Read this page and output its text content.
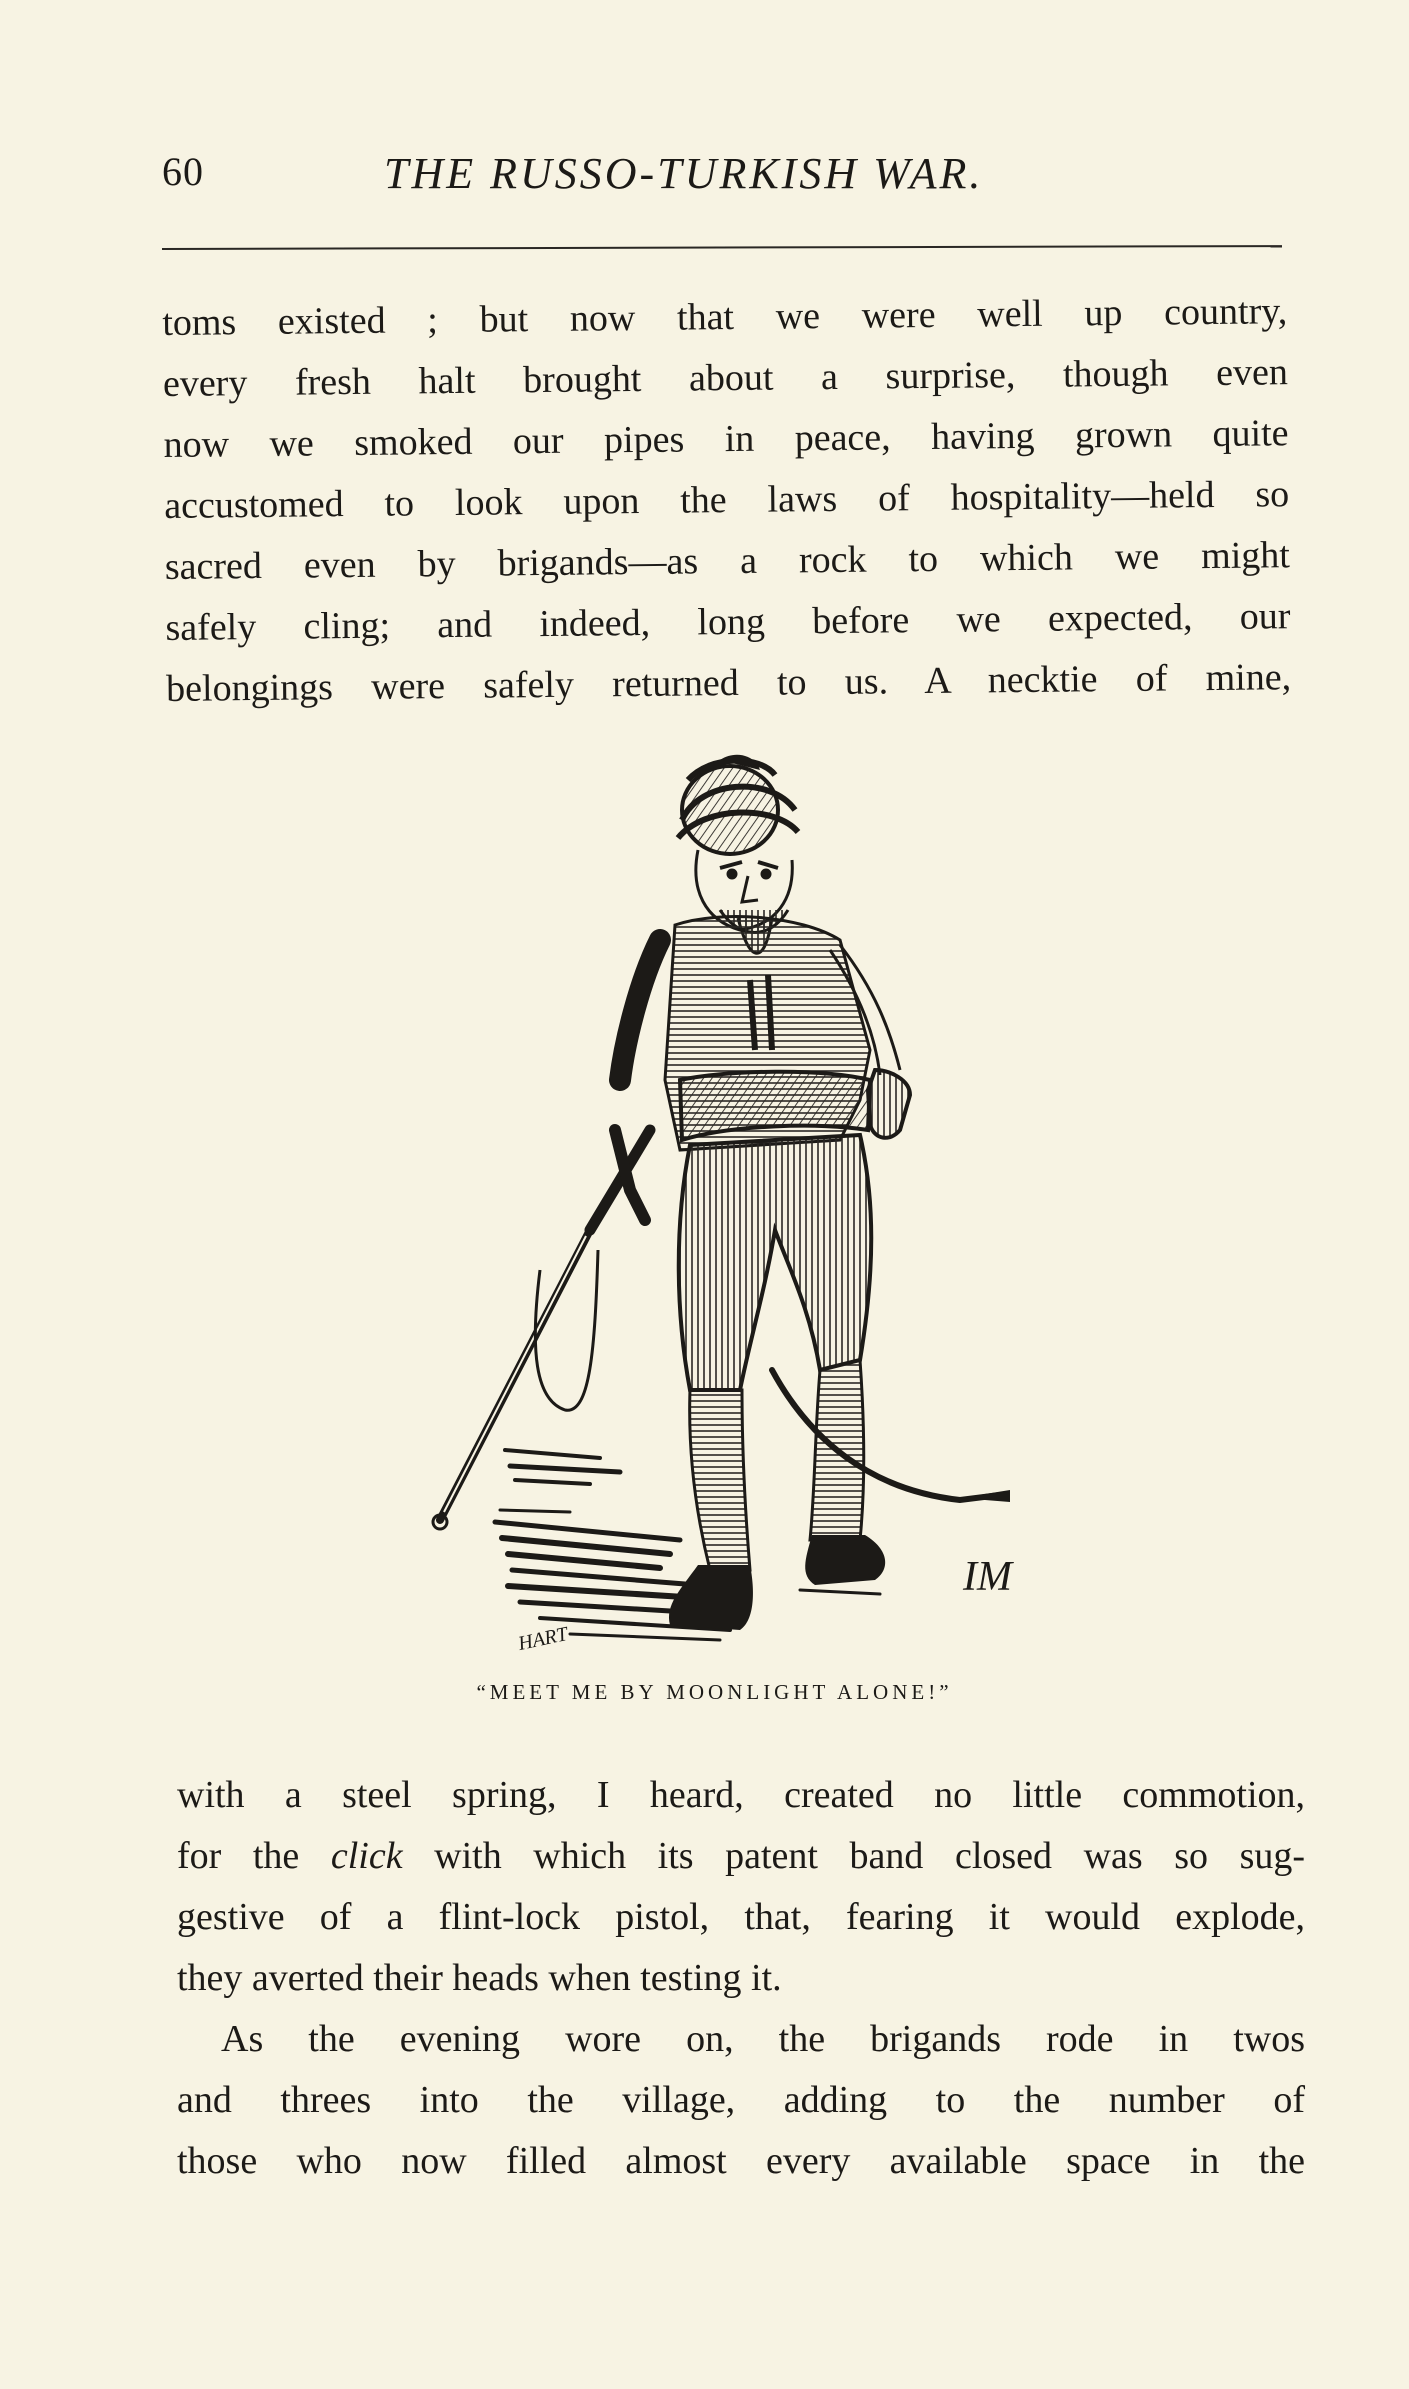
60	THE RUSSO-TURKISH WAR.
toms existed ; but now that we were well up country,
every fresh halt brought about a surprise, though even
now we smoked our pipes in peace, having grown quite
accustomed to look upon the laws of hospitality—held so
sacred even by brigands—as a rock to which we might
safely cling; and indeed, long before we expected, our
belongings were safely returned to us. A necktie of mine,
IM
HART
“MEET ME BY MOONLIGHT ALONE!”
with a steel spring, I heard, created no little commotion,
for the click with which its patent band closed was so sug-
gestive of a flint-lock pistol, that, fearing it would explode,
they averted their heads when testing it.
As the evening wore on, the brigands rode in twos
and threes into the village, adding to the number of
those who now filled almost every available space in the
